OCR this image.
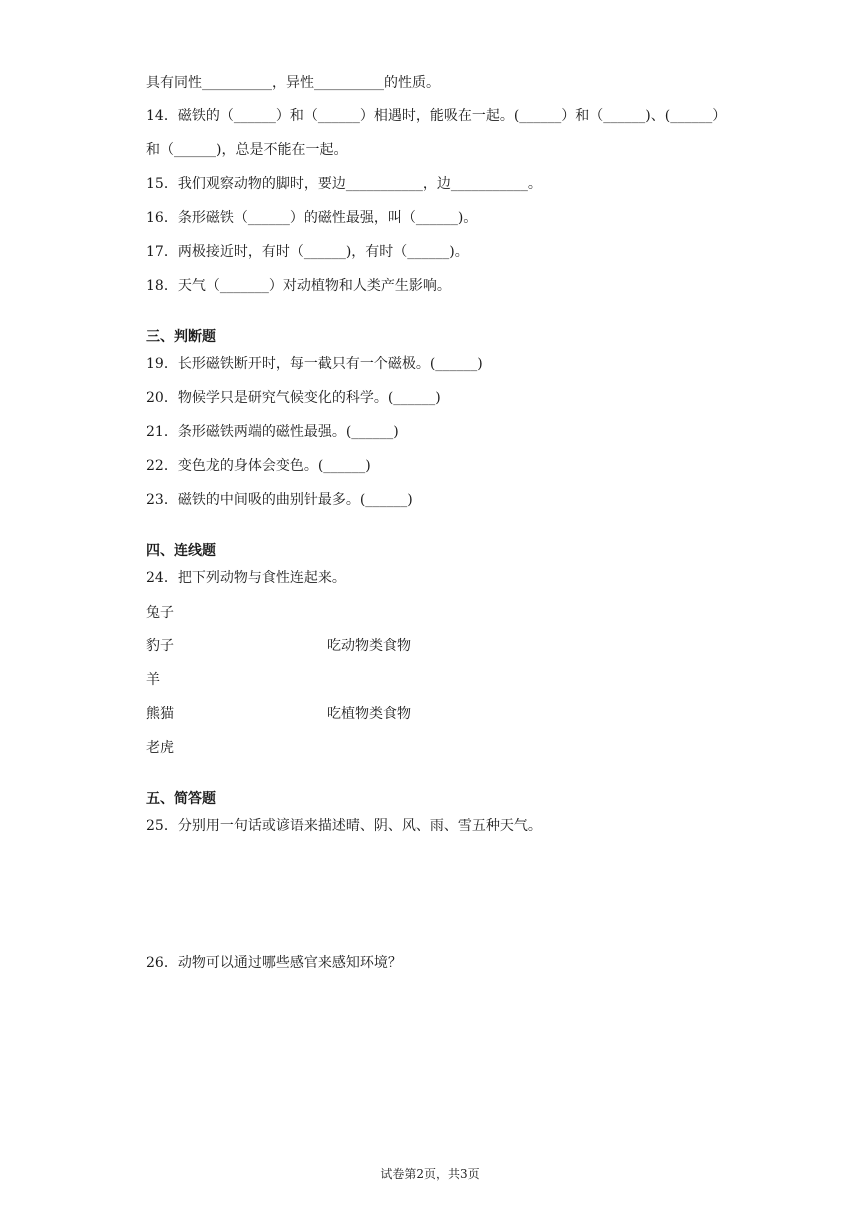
具有同性__________，异性__________的性质。
14．磁铁的（______）和（______）相遇时，能吸在一起。(______）和（______)、(______）
和（______)，总是不能在一起。
15．我们观察动物的脚时，要边___________，边___________。
16．条形磁铁（______）的磁性最强，叫（______)。
17．两极接近时，有时（______)，有时（______)。
18．天气（_______）对动植物和人类产生影响。
三、判断题
19．长形磁铁断开时，每一截只有一个磁极。(______)
20．物候学只是研究气候变化的科学。(______)
21．条形磁铁两端的磁性最强。(______)
22．变色龙的身体会变色。(______)
23．磁铁的中间吸的曲别针最多。(______)
四、连线题
24．把下列动物与食性连起来。
兔子
豹子	吃动物类食物
羊
熊猫	吃植物类食物
老虎
五、简答题
25．分别用一句话或谚语来描述晴、阴、风、雨、雪五种天气。
26．动物可以通过哪些感官来感知环境？
试卷第2页，共3页
